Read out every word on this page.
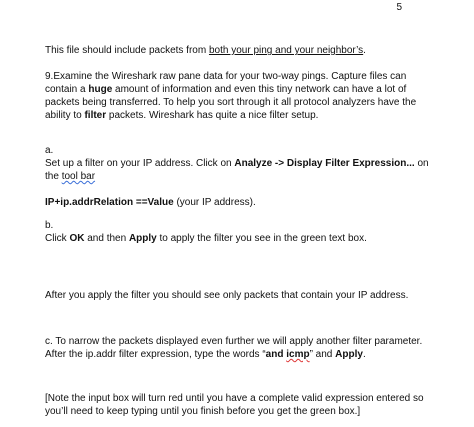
5
This file should include packets from both your ping and your neighbor’s.
9.Examine the Wireshark raw pane data for your two-way pings. Capture files can
contain a huge amount of information and even this tiny network can have a lot of
packets being transferred. To help you sort through it all protocol analyzers have the
ability to filter packets. Wireshark has quite a nice filter setup.
a.
Set up a filter on your IP address. Click on Analyze -> Display Filter Expression... on
the tool bar
IP+ip.addrRelation ==Value (your IP address).
b.
Click OK and then Apply to apply the filter you see in the green text box.
After you apply the filter you should see only packets that contain your IP address.
c. To narrow the packets displayed even further we will apply another filter parameter.
After the ip.addr filter expression, type the words “and icmp” and Apply.
[Note the input box will turn red until you have a complete valid expression entered so
you’ll need to keep typing until you finish before you get the green box.]
